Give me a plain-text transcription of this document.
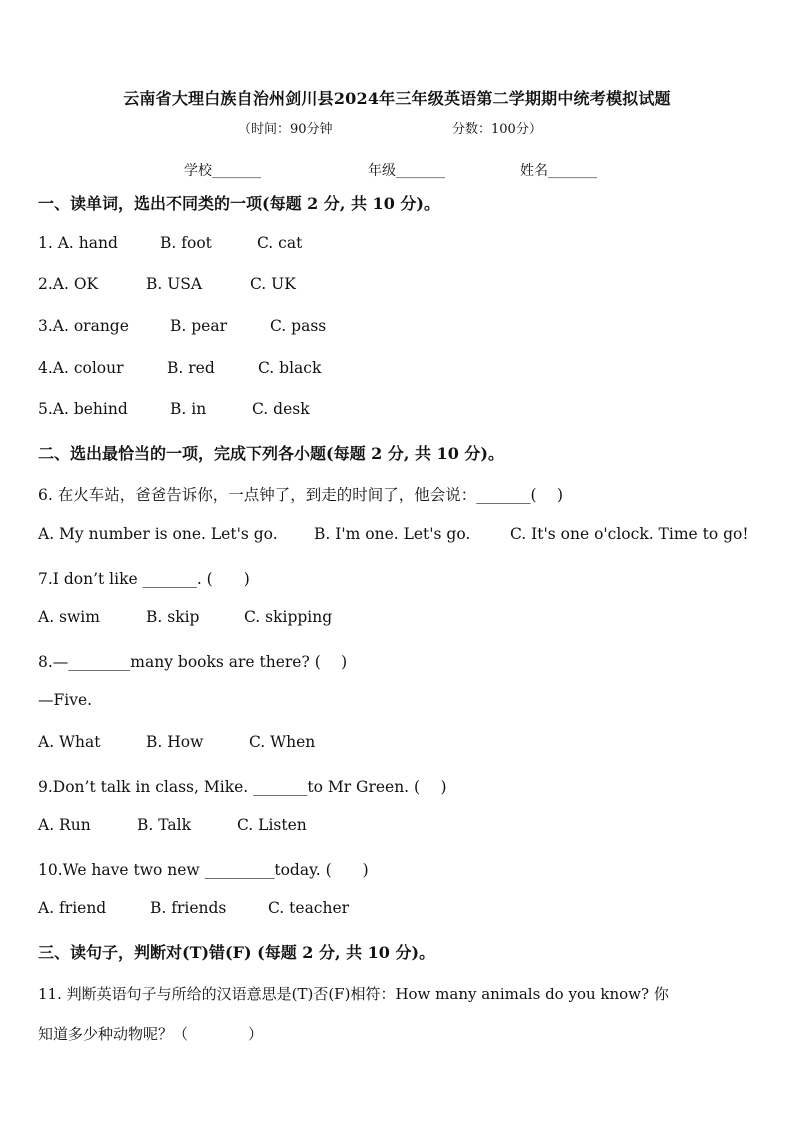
云南省大理白族自治州剑川县2024年三年级英语第二学期期中统考模拟试题
（时间：90分钟	分数：100分）
学校_______	年级_______	姓名_______
一、读单词，选出不同类的一项(每题 2 分, 共 10 分)。
1. A. hand	B. foot	C. cat
2.A. OK	B. USA	C. UK
3.A. orange	B. pear	C. pass
4.A. colour	B. red	C. black
5.A. behind	B. in	C. desk
二、选出最恰当的一项，完成下列各小题(每题 2 分, 共 10 分)。
6. 在火车站，爸爸告诉你，一点钟了，到走的时间了，他会说：_______(　 )
A. My number is one. Let's go. B. I'm one. Let's go.	C. It's one o'clock. Time to go!
7.I don’t like _______. (　　)
A. swim	B. skip	C. skipping
8.—________many books are there? (　 )
—Five.
A. What	B. How	C. When
9.Don’t talk in class, Mike. _______to Mr Green. (　 )
A. Run	B. Talk	C. Listen
10.We have two new _________today. (　　)
A. friend	B. friends	C. teacher
三、读句子，判断对(T)错(F) (每题 2 分, 共 10 分)。
11. 判断英语句子与所给的汉语意思是(T)否(F)相符：How many animals do you know? 你
知道多少种动物呢？（　　　　）
